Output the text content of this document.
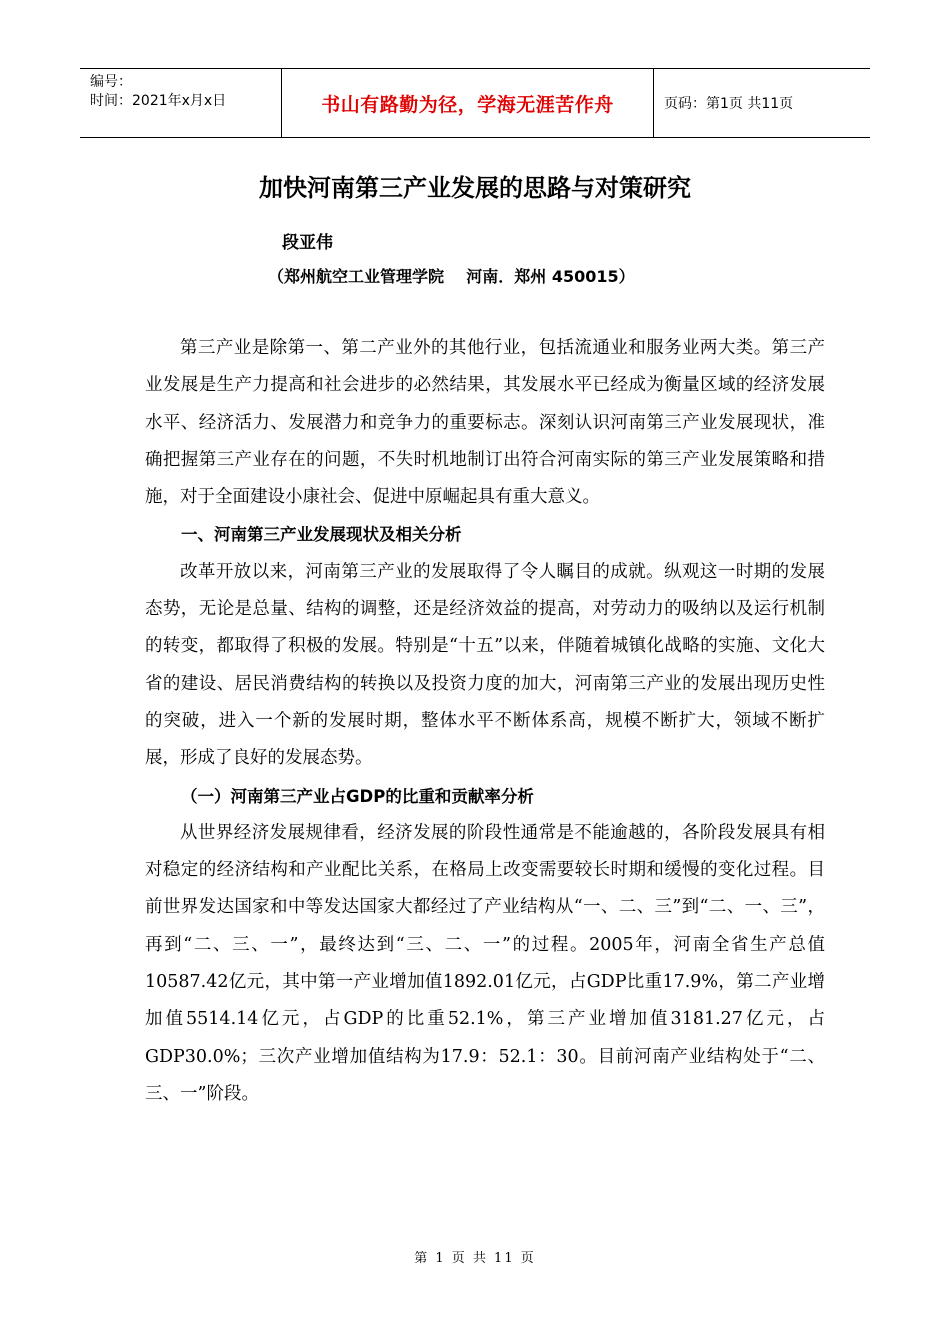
编号：
时间：2021年x月x日	书山有路勤为径，学海无涯苦作舟	页码：第1页 共11页
加快河南第三产业发展的思路与对策研究
段亚伟
（郑州航空工业管理学院    河南．郑州 450015）

第三产业是除第一、第二产业外的其他行业，包括流通业和服务业两大类。第三产业发展是生产力提高和社会进步的必然结果，其发展水平已经成为衡量区域的经济发展水平、经济活力、发展潜力和竞争力的重要标志。深刻认识河南第三产业发展现状，准确把握第三产业存在的问题，不失时机地制订出符合河南实际的第三产业发展策略和措施，对于全面建设小康社会、促进中原崛起具有重大意义。

一、河南第三产业发展现状及相关分析

改革开放以来，河南第三产业的发展取得了令人瞩目的成就。纵观这一时期的发展态势，无论是总量、结构的调整，还是经济效益的提高，对劳动力的吸纳以及运行机制的转变，都取得了积极的发展。特别是“十五”以来，伴随着城镇化战略的实施、文化大省的建设、居民消费结构的转换以及投资力度的加大，河南第三产业的发展出现历史性的突破，进入一个新的发展时期，整体水平不断体系高，规模不断扩大，领域不断扩展，形成了良好的发展态势。

（一）河南第三产业占GDP的比重和贡献率分析

从世界经济发展规律看，经济发展的阶段性通常是不能逾越的，各阶段发展具有相对稳定的经济结构和产业配比关系，在格局上改变需要较长时期和缓慢的变化过程。目前世界发达国家和中等发达国家大都经过了产业结构从“一、二、三”到“二、一、三”，再到“二、三、一”，最终达到“三、二、一”的过程。2005年，河南全省生产总值10587.42亿元，其中第一产业增加值1892.01亿元，占GDP比重17.9%，第二产业增加值5514.14亿元，占GDP的比重52.1%，第三产业增加值3181.27亿元，占GDP30.0%；三次产业增加值结构为17.9：52.1：30。目前河南产业结构处于“二、三、一”阶段。

第 1 页 共 11 页
